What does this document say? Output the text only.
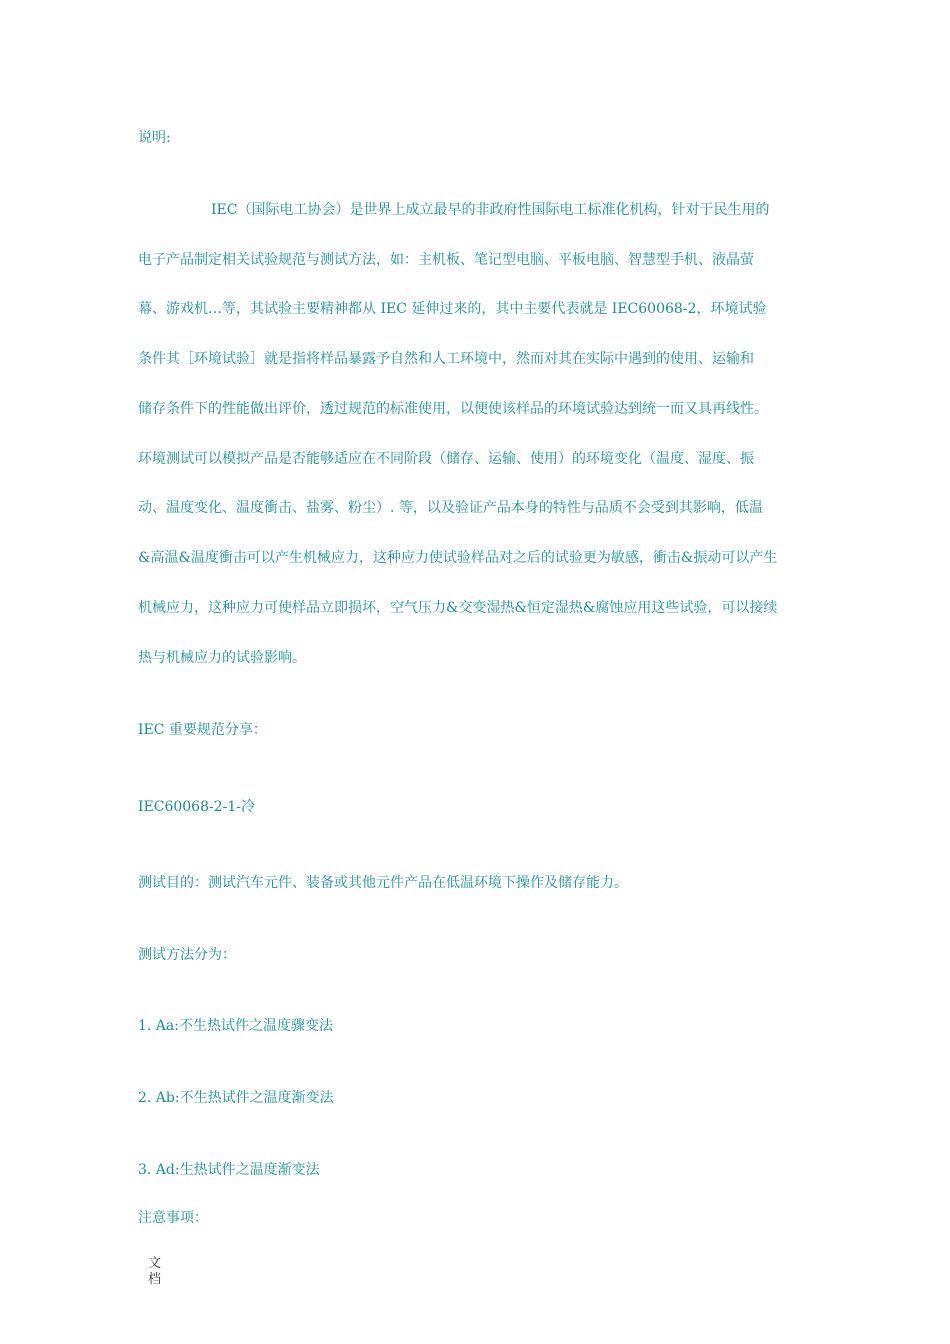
说明:
IEC（国际电工协会）是世界上成立最早的非政府性国际电工标准化机构，针对于民生用的
电子产品制定相关试验规范与测试方法，如：主机板、笔记型电脑、平板电脑、智慧型手机、液晶萤
幕、游戏机…等，其试验主要精神都从 IEC 延伸过来的，其中主要代表就是 IEC60068-2，环境试验
条件其［环境试验］就是指将样品暴露予自然和人工环境中，然而对其在实际中遇到的使用、运输和
储存条件下的性能做出评价，透过规范的标准使用，以便使该样品的环境试验达到统一而又具再线性。
环境测试可以模拟产品是否能够适应在不同阶段（储存、运输、使用）的环境变化（温度、湿度、振
动、温度变化、温度衝击、盐雾、粉尘）. 等，以及验证产品本身的特性与品质不会受到其影响，低温
&高温&温度衝击可以产生机械应力，这种应力使试验样品对之后的试验更为敏感，衝击&振动可以产生
机械应力，这种应力可使样品立即损坏，空气压力&交变湿热&恒定湿热&腐蚀应用这些试验，可以接续
热与机械应力的试验影响。
IEC 重要规范分享：
IEC60068-2-1-冷
测试目的：测试汽车元件、装备或其他元件产品在低温环境下操作及储存能力。
测试方法分为：
1. Aa:不生热试件之温度骤变法
2. Ab:不生热试件之温度渐变法
3. Ad:生热试件之温度渐变法
注意事项：
文
档
